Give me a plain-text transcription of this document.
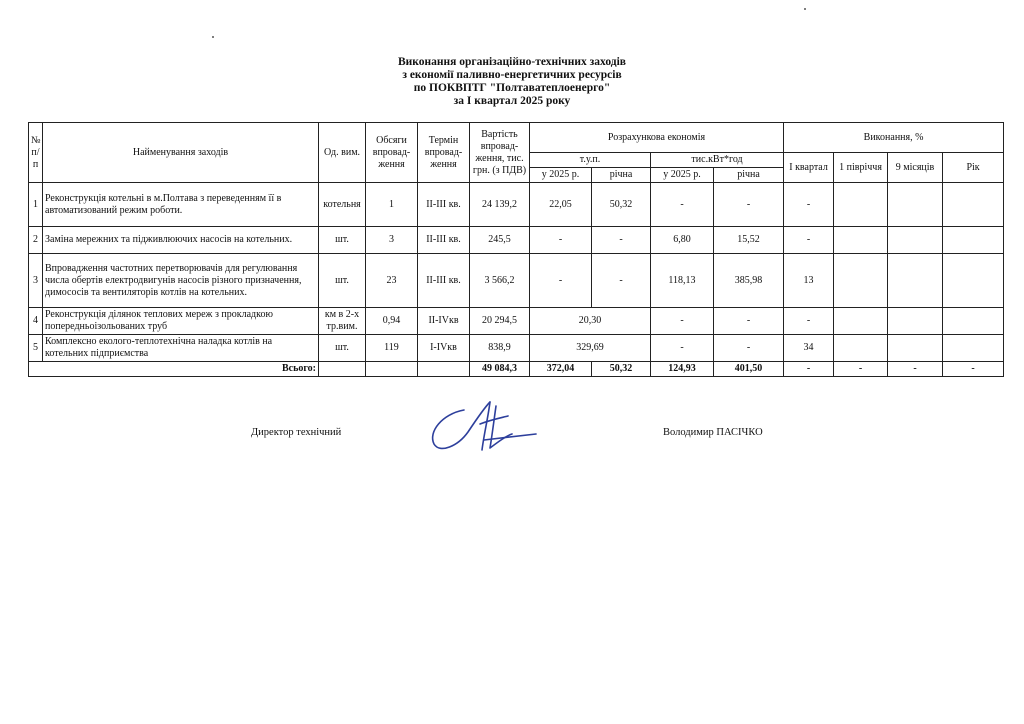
Виконання організаційно-технічних заходів
з економії паливно-енергетичних ресурсів
по ПОКВПТГ "Полтаватеплоенерго"
за І квартал 2025 року
№ п/п	Найменування заходів	Од. вим.	Обсяги впровад-ження	Термін впровад-ження	Вартість впровад-ження, тис. грн. (з ПДВ)	Розрахункова економія				Виконання, %			
						т.у.п.		тис.кВт*год		І квартал	1 півріччя	9 місяців	Рік
						у 2025 р.	річна	у 2025 р.	річна				
1	Реконструкція котельні в м.Полтава з переведенням її в автоматизований режим роботи.	котельня	1	ІІ-ІІІ кв.	24 139,2	22,05	50,32	-	-	-			
2	Заміна мережних та підживлюючих насосів на котельних.	шт.	3	ІІ-ІІІ кв.	245,5	-	-	6,80	15,52	-			
3	Впровадження частотних перетворювачів для регулювання числа обертів електродвигунів насосів різного призначення, димососів та вентиляторів котлів на котельних.	шт.	23	ІІ-ІІІ кв.	3 566,2	-	-	118,13	385,98	13			
4	Реконструкція ділянок теплових мереж з прокладкою попередньоізольованих труб	км в 2-х тр.вим.	0,94	ІІ-ІVкв	20 294,5	20,30		-	-	-			
5	Комплексно еколого-теплотехнічна наладка котлів на котельних підприємства	шт.	119	І-ІVкв	838,9	329,69		-	-	34			
Всього:					49 084,3	372,04	50,32	124,93	401,50	-	-	-	-
Директор технічний	Володимир ПАСІЧКО
